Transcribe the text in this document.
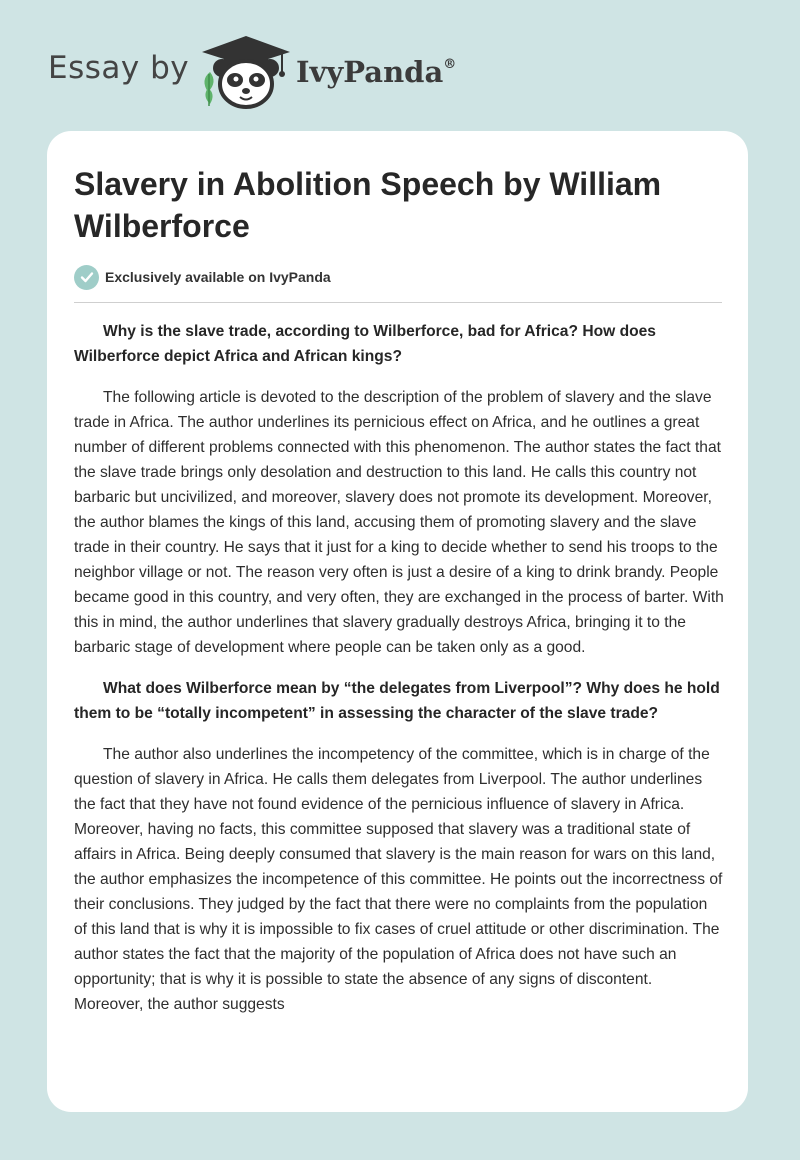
Essay by	IvyPanda®
Slavery in Abolition Speech by William Wilberforce
Exclusively available on IvyPanda

Why is the slave trade, according to Wilberforce, bad for Africa? How does Wilberforce depict Africa and African kings?

The following article is devoted to the description of the problem of slavery and the slave trade in Africa. The author underlines its pernicious effect on Africa, and he outlines a great number of different problems connected with this phenomenon. The author states the fact that the slave trade brings only desolation and destruction to this land. He calls this country not barbaric but uncivilized, and moreover, slavery does not promote its development. Moreover, the author blames the kings of this land, accusing them of promoting slavery and the slave trade in their country. He says that it just for a king to decide whether to send his troops to the neighbor village or not. The reason very often is just a desire of a king to drink brandy. People became good in this country, and very often, they are exchanged in the process of barter. With this in mind, the author underlines that slavery gradually destroys Africa, bringing it to the barbaric stage of development where people can be taken only as a good.

What does Wilberforce mean by “the delegates from Liverpool”? Why does he hold them to be “totally incompetent” in assessing the character of the slave trade?

The author also underlines the incompetency of the committee, which is in charge of the question of slavery in Africa. He calls them delegates from Liverpool. The author underlines the fact that they have not found evidence of the pernicious influence of slavery in Africa. Moreover, having no facts, this committee supposed that slavery was a traditional state of affairs in Africa. Being deeply consumed that slavery is the main reason for wars on this land, the author emphasizes the incompetence of this committee. He points out the incorrectness of their conclusions. They judged by the fact that there were no complaints from the population of this land that is why it is impossible to fix cases of cruel attitude or other discrimination. The author states the fact that the majority of the population of Africa does not have such an opportunity; that is why it is possible to state the absence of any signs of discontent. Moreover, the author suggests
